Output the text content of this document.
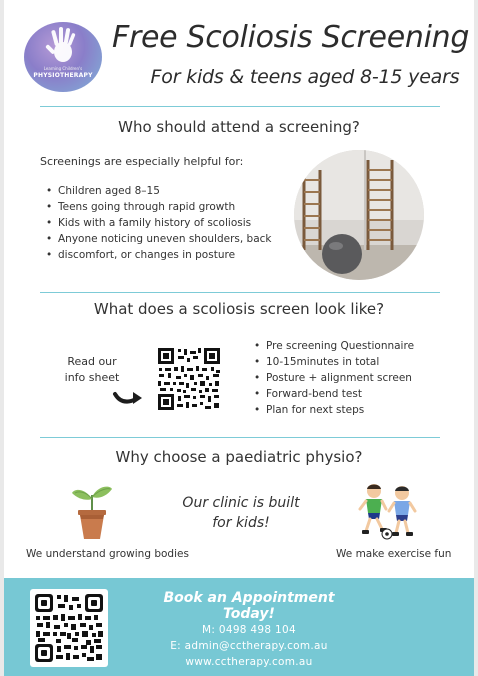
Learning Children's
PHYSIOTHERAPY
Free Scoliosis Screening
For kids & teens aged 8-15 years
Who should attend a screening?
Screenings are especially helpful for:
• Children aged 8–15
• Teens going through rapid growth
• Kids with a family history of scoliosis
• Anyone noticing uneven shoulders, back
• discomfort, or changes in posture
What does a scoliosis screen look like?
Read our
info sheet
• Pre screening Questionnaire
• 10-15minutes in total
• Posture + alignment screen
• Forward-bend test
• Plan for next steps
Why choose a paediatric physio?
Our clinic is built
for kids!
We understand growing bodies	We make exercise fun
Book an Appointment Today!
M: 0498 498 104
E: admin@cctherapy.com.au
www.cctherapy.com.au
